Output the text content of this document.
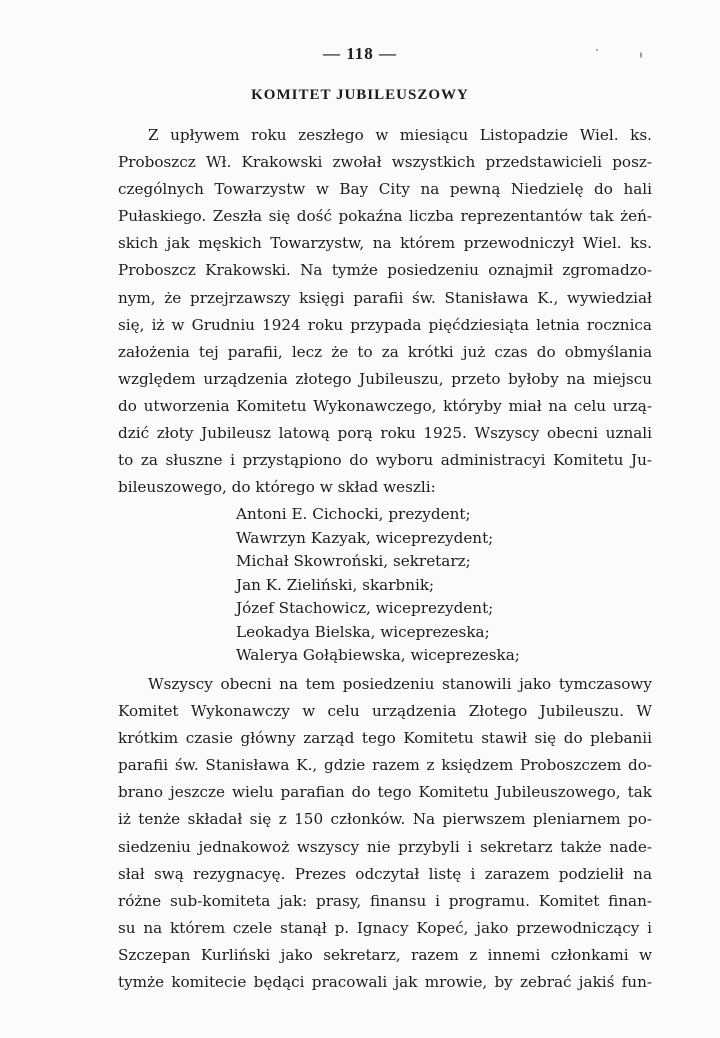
— 118 —
KOMITET JUBILEUSZOWY
Z upływem roku zeszłego w miesiącu Listopadzie Wiel. ks.
Proboszcz Wł. Krakowski zwołał wszystkich przedstawicieli posz-
czególnych Towarzystw w Bay City na pewną Niedzielę do hali
Pułaskiego. Zeszła się dość pokaźna liczba reprezentantów tak żeń-
skich jak męskich Towarzystw, na którem przewodniczył Wiel. ks.
Proboszcz Krakowski. Na tymże posiedzeniu oznajmił zgromadzo-
nym, że przejrzawszy księgi parafii św. Stanisława K., wywiedział
się, iż w Grudniu 1924 roku przypada pięćdziesiąta letnia rocznica
założenia tej parafii, lecz że to za krótki już czas do obmyślania
względem urządzenia złotego Jubileuszu, przeto byłoby na miejscu
do utworzenia Komitetu Wykonawczego, któryby miał na celu urzą-
dzić złoty Jubileusz latową porą roku 1925. Wszyscy obecni uznali
to za słuszne i przystąpiono do wyboru administracyi Komitetu Ju-
bileuszowego, do którego w skład weszli:
Antoni E. Cichocki, prezydent;
Wawrzyn Kazyak, wiceprezydent;
Michał Skowroński, sekretarz;
Jan K. Zieliński, skarbnik;
Józef Stachowicz, wiceprezydent;
Leokadya Bielska, wiceprezeska;
Walerya Gołąbiewska, wiceprezeska;
Wszyscy obecni na tem posiedzeniu stanowili jako tymczasowy
Komitet Wykonawczy w celu urządzenia Złotego Jubileuszu. W
krótkim czasie główny zarząd tego Komitetu stawił się do plebanii
parafii św. Stanisława K., gdzie razem z księdzem Proboszczem do-
brano jeszcze wielu parafian do tego Komitetu Jubileuszowego, tak
iż tenże składał się z 150 członków. Na pierwszem pleniarnem po-
siedzeniu jednakowoż wszyscy nie przybyli i sekretarz także nade-
słał swą rezygnacyę. Prezes odczytał listę i zarazem podzielił na
różne sub-komiteta jak: prasy, finansu i programu. Komitet finan-
su na którem czele stanął p. Ignacy Kopeć, jako przewodniczący i
Szczepan Kurliński jako sekretarz, razem z innemi członkami w
tymże komitecie będąci pracowali jak mrowie, by zebrać jakiś fun-
